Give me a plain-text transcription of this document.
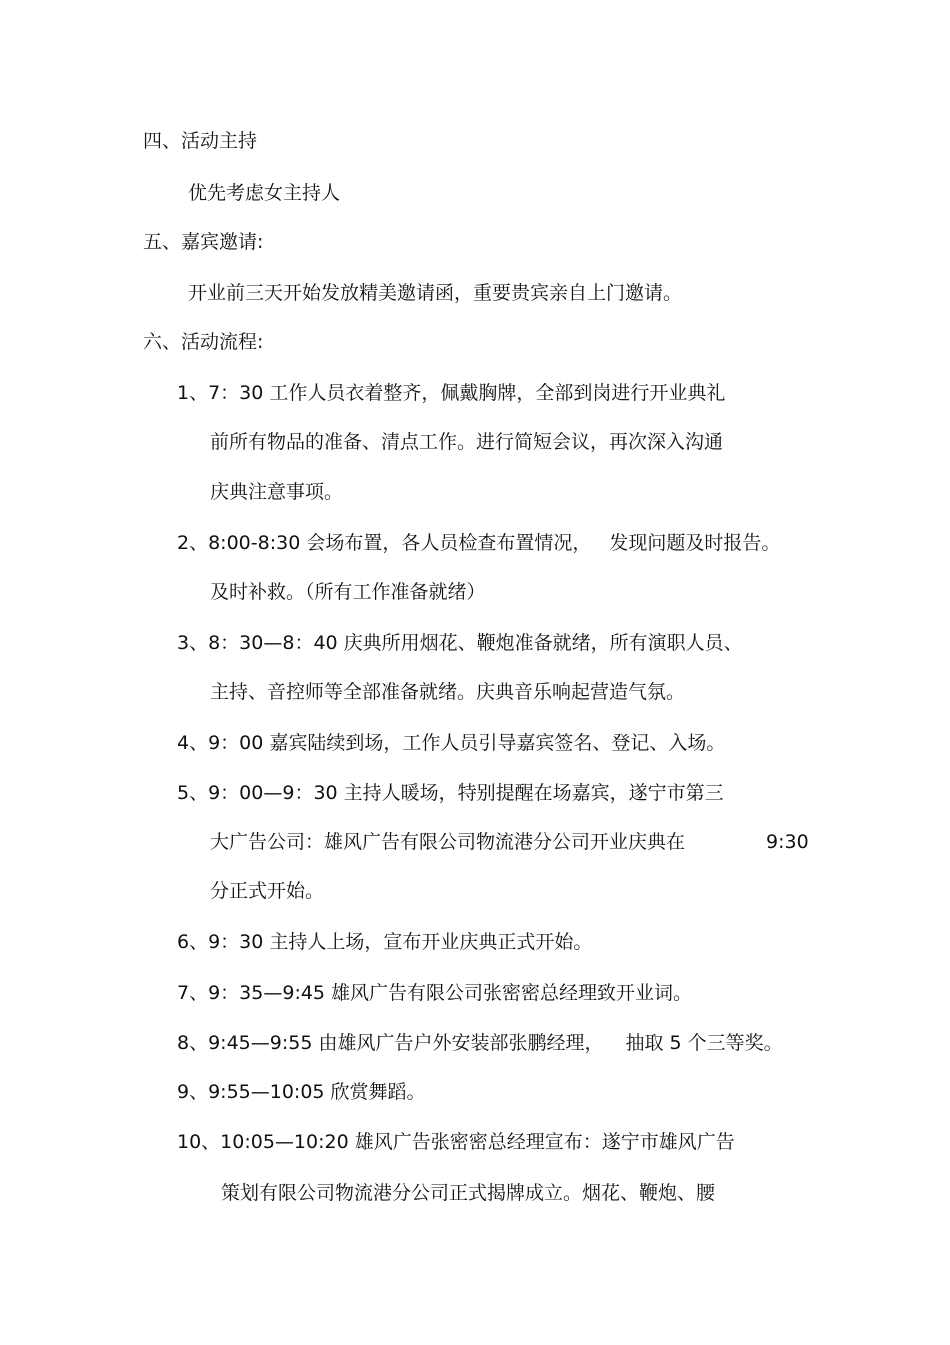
四、活动主持
优先考虑女主持人
五、嘉宾邀请:
开业前三天开始发放精美邀请函，重要贵宾亲自上门邀请。
六、活动流程:
1、7：30 工作人员衣着整齐，佩戴胸牌，全部到岗进行开业典礼
前所有物品的准备、清点工作。进行简短会议，再次深入沟通
庆典注意事项。
2、8:00-8:30 会场布置，各人员检查布置情况， 发现问题及时报告。
及时补救。（所有工作准备就绪）
3、8：30—8：40 庆典所用烟花、鞭炮准备就绪，所有演职人员、
主持、音控师等全部准备就绪。庆典音乐响起营造气氛。
4、9：00 嘉宾陆续到场，工作人员引导嘉宾签名、登记、入场。
5、9：00—9：30 主持人暖场，特别提醒在场嘉宾，遂宁市第三
大广告公司：雄风广告有限公司物流港分公司开业庆典在	9:30
分正式开始。
6、9：30 主持人上场，宣布开业庆典正式开始。
7、9：35—9:45 雄风广告有限公司张密密总经理致开业词。
8、9:45—9:55 由雄风广告户外安装部张鹏经理， 抽取 5 个三等奖。
9、9:55—10:05 欣赏舞蹈。
10、10:05—10:20 雄风广告张密密总经理宣布：遂宁市雄风广告
策划有限公司物流港分公司正式揭牌成立。烟花、鞭炮、腰
